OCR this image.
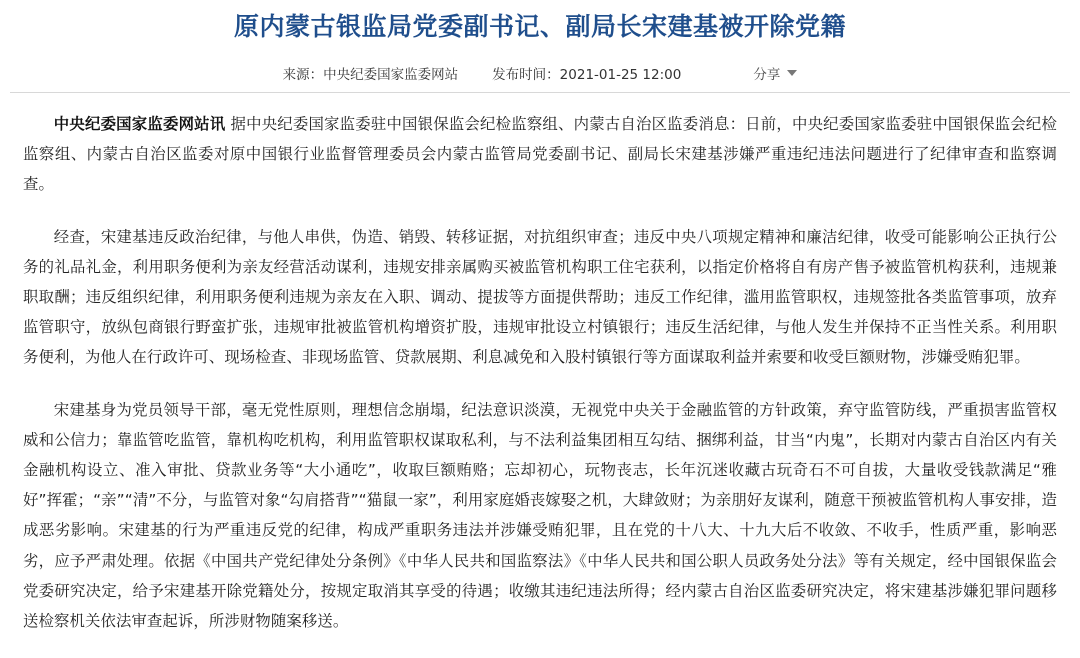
原内蒙古银监局党委副书记、副局长宋建基被开除党籍
来源：中央纪委国家监委网站	发布时间：2021-01-25 12:00	分享

中央纪委国家监委网站讯 据中央纪委国家监委驻中国银保监会纪检监察组、内蒙古自治区监委消息：日前，中央纪委国家监委驻中国银保监会纪检监察组、内蒙古自治区监委对原中国银行业监督管理委员会内蒙古监管局党委副书记、副局长宋建基涉嫌严重违纪违法问题进行了纪律审查和监察调查。

经查，宋建基违反政治纪律，与他人串供，伪造、销毁、转移证据，对抗组织审查；违反中央八项规定精神和廉洁纪律，收受可能影响公正执行公务的礼品礼金，利用职务便利为亲友经营活动谋利，违规安排亲属购买被监管机构职工住宅获利，以指定价格将自有房产售予被监管机构获利，违规兼职取酬；违反组织纪律，利用职务便利违规为亲友在入职、调动、提拔等方面提供帮助；违反工作纪律，滥用监管职权，违规签批各类监管事项，放弃监管职守，放纵包商银行野蛮扩张，违规审批被监管机构增资扩股，违规审批设立村镇银行；违反生活纪律，与他人发生并保持不正当性关系。利用职务便利，为他人在行政许可、现场检查、非现场监管、贷款展期、利息减免和入股村镇银行等方面谋取利益并索要和收受巨额财物，涉嫌受贿犯罪。

宋建基身为党员领导干部，毫无党性原则，理想信念崩塌，纪法意识淡漠，无视党中央关于金融监管的方针政策，弃守监管防线，严重损害监管权威和公信力；靠监管吃监管，靠机构吃机构，利用监管职权谋取私利，与不法利益集团相互勾结、捆绑利益，甘当“内鬼”，长期对内蒙古自治区内有关金融机构设立、准入审批、贷款业务等“大小通吃”，收取巨额贿赂；忘却初心，玩物丧志，长年沉迷收藏古玩奇石不可自拔，大量收受钱款满足“雅好”挥霍；“亲”“清”不分，与监管对象“勾肩搭背”“猫鼠一家”，利用家庭婚丧嫁娶之机，大肆敛财；为亲朋好友谋利，随意干预被监管机构人事安排，造成恶劣影响。宋建基的行为严重违反党的纪律，构成严重职务违法并涉嫌受贿犯罪，且在党的十八大、十九大后不收敛、不收手，性质严重，影响恶劣，应予严肃处理。依据《中国共产党纪律处分条例》《中华人民共和国监察法》《中华人民共和国公职人员政务处分法》等有关规定，经中国银保监会党委研究决定，给予宋建基开除党籍处分，按规定取消其享受的待遇；收缴其违纪违法所得；经内蒙古自治区监委研究决定，将宋建基涉嫌犯罪问题移送检察机关依法审查起诉，所涉财物随案移送。
